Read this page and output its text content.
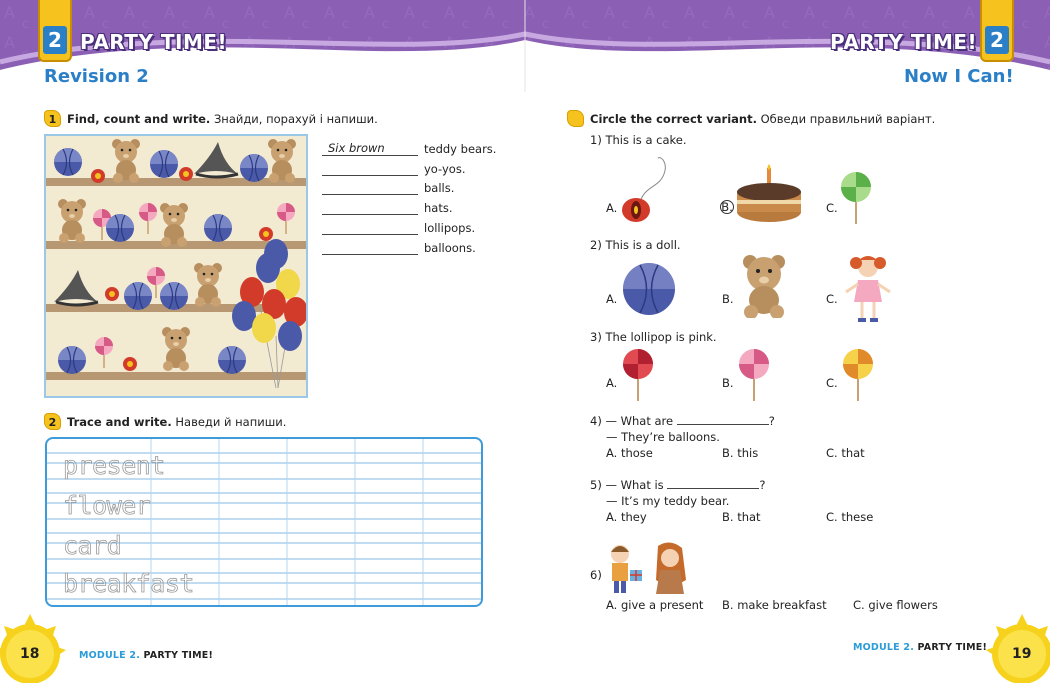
2	2
PARTY TIME!	PARTY TIME!
Revision 2	Now I Can!
1 Find, count and write. Знайди, порахуй і напиши.
Six brown	teddy bears.
yo-yos.
balls.
hats.
lollipops.
balloons.
2 Trace and write. Наведи й напиши.
present
flower
card
breakfast
Circle the correct variant. Обведи правильний варіант.
1) This is a cake.
A.	B.	C.
2) This is a doll.
A.	B.	C.
3) The lollipop is pink.
A.	B.	C.
4) — What are	?
— They’re balloons.
A. those	B. this	C. that
5) — What is	?
— It’s my teddy bear.
A. they	B. that	C. these
6)
A. give a present B. make breakfast C. give flowers
18	MODULE 2. PARTY TIME!
MODULE 2. PARTY TIME! 19
